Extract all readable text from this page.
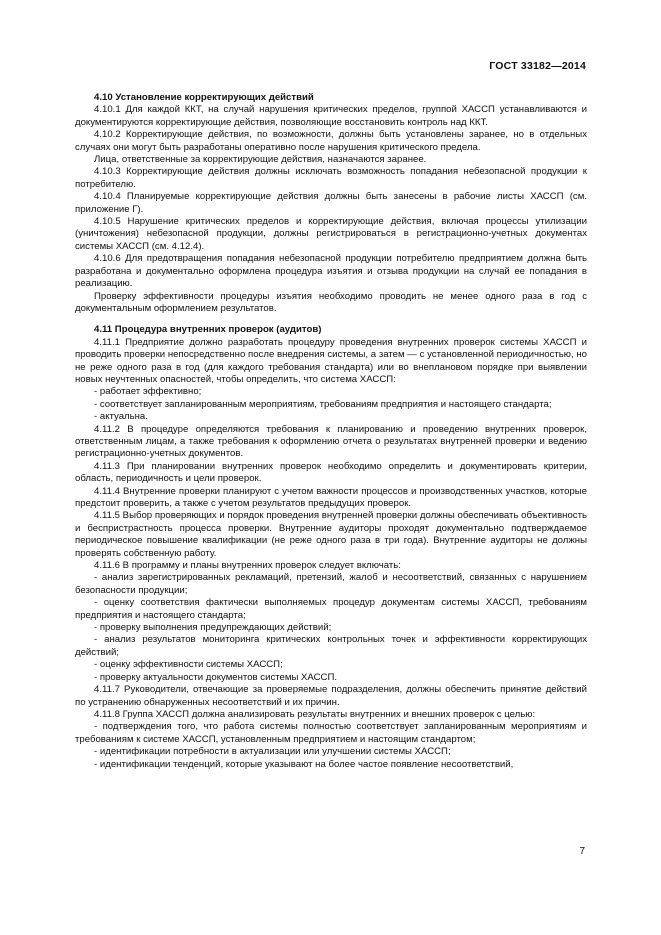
ГОСТ 33182—2014

4.10 Установление корректирующих действий

4.10.1 Для каждой ККТ, на случай нарушения критических пределов, группой ХАССП устанавливаются и документируются корректирующие действия, позволяющие восстановить контроль над ККТ.

4.10.2 Корректирующие действия, по возможности, должны быть установлены заранее, но в отдельных случаях они могут быть разработаны оперативно после нарушения критического предела.

Лица, ответственные за корректирующие действия, назначаются заранее.

4.10.3 Корректирующие действия должны исключать возможность попадания небезопасной продукции к потребителю.

4.10.4 Планируемые корректирующие действия должны быть занесены в рабочие листы ХАССП (см. приложение Г).

4.10.5 Нарушение критических пределов и корректирующие действия, включая процессы утилизации (уничтожения) небезопасной продукции, должны регистрироваться в регистрационно-учетных документах системы ХАССП (см. 4.12.4).

4.10.6 Для предотвращения попадания небезопасной продукции потребителю предприятием должна быть разработана и документально оформлена процедура изъятия и отзыва продукции на случай ее попадания в реализацию.

Проверку эффективности процедуры изъятия необходимо проводить не менее одного раза в год с документальным оформлением результатов.

4.11 Процедура внутренних проверок (аудитов)

4.11.1 Предприятие должно разработать процедуру проведения внутренних проверок системы ХАССП и проводить проверки непосредственно после внедрения системы, а затем — с установленной периодичностью, но не реже одного раза в год (для каждого требования стандарта) или во внеплановом порядке при выявлении новых неучтенных опасностей, чтобы определить, что система ХАССП:

- работает эффективно;

- соответствует запланированным мероприятиям, требованиям предприятия и настоящего стандарта;

- актуальна.

4.11.2 В процедуре определяются требования к планированию и проведению внутренних проверок, ответственным лицам, а также требования к оформлению отчета о результатах внутренней проверки и ведению регистрационно-учетных документов.

4.11.3 При планировании внутренних проверок необходимо определить и документировать критерии, область, периодичность и цели проверок.

4.11.4 Внутренние проверки планируют с учетом важности процессов и производственных участков, которые предстоит проверить, а также с учетом результатов предыдущих проверок.

4.11.5 Выбор проверяющих и порядок проведения внутренней проверки должны обеспечивать объективность и беспристрастность процесса проверки. Внутренние аудиторы проходят документально подтверждаемое периодическое повышение квалификации (не реже одного раза в три года). Внутренние аудиторы не должны проверять собственную работу.

4.11.6 В программу и планы внутренних проверок следует включать:

- анализ зарегистрированных рекламаций, претензий, жалоб и несоответствий, связанных с нарушением безопасности продукции;

- оценку соответствия фактически выполняемых процедур документам системы ХАССП, требованиям предприятия и настоящего стандарта;

- проверку выполнения предупреждающих действий;

- анализ результатов мониторинга критических контрольных точек и эффективности корректирующих действий;

- оценку эффективности системы ХАССП;

- проверку актуальности документов системы ХАССП.

4.11.7 Руководители, отвечающие за проверяемые подразделения, должны обеспечить принятие действий по устранению обнаруженных несоответствий и их причин.

4.11.8 Группа ХАССП должна анализировать результаты внутренних и внешних проверок с целью:

- подтверждения того, что работа системы полностью соответствует запланированным мероприятиям и требованиям к системе ХАССП, установленным предприятием и настоящим стандартом;

- идентификации потребности в актуализации или улучшении системы ХАССП;

- идентификации тенденций, которые указывают на более частое появление несоответствий,

7
